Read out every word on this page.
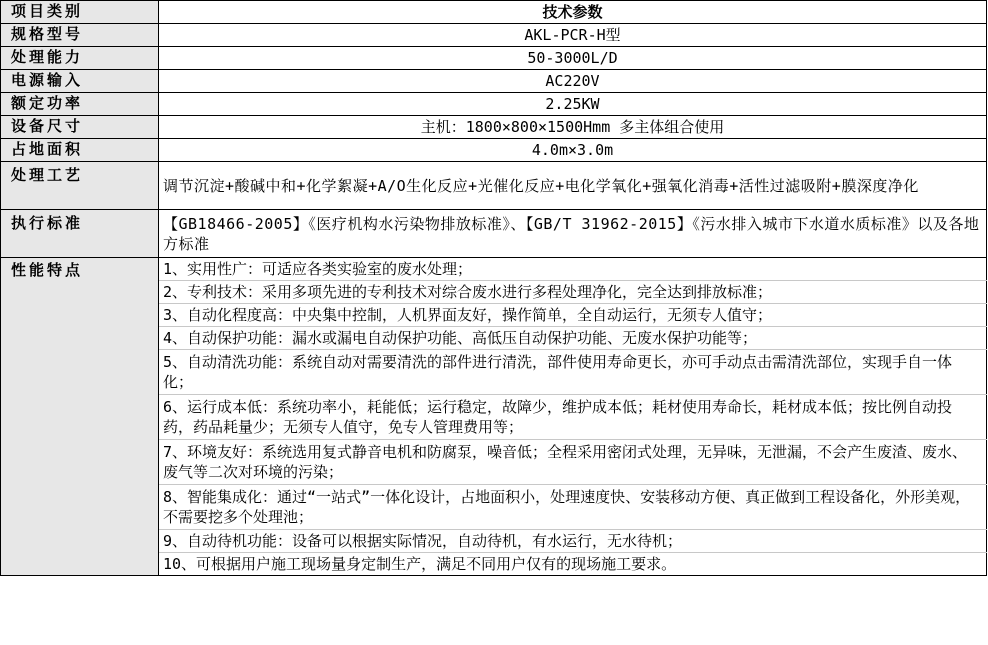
项目类别	技术参数
规格型号	AKL-PCR-H型
处理能力	50-3000L/D
电源输入	AC220V
额定功率	2.25KW
设备尺寸	主机：1800×800×1500Hmm 多主体组合使用
占地面积	4.0m×3.0m
处理工艺	调节沉淀+酸碱中和+化学絮凝+A/O生化反应+光催化反应+电化学氧化+强氧化消毒+活性过滤吸附+膜深度净化
执行标准	【GB18466-2005】《医疗机构水污染物排放标准》、【GB/T 31962-2015】《污水排入城市下水道水质标准》以及各地方标准
性能特点	1、实用性广：可适应各类实验室的废水处理；
	2、专利技术：采用多项先进的专利技术对综合废水进行多程处理净化，完全达到排放标准；
	3、自动化程度高：中央集中控制，人机界面友好，操作简单，全自动运行，无须专人值守；
	4、自动保护功能：漏水或漏电自动保护功能、高低压自动保护功能、无废水保护功能等；
	5、自动清洗功能：系统自动对需要清洗的部件进行清洗，部件使用寿命更长，亦可手动点击需清洗部位，实现手自一体化；
	6、运行成本低：系统功率小，耗能低；运行稳定，故障少，维护成本低；耗材使用寿命长，耗材成本低；按比例自动投药，药品耗量少；无须专人值守，免专人管理费用等；
	7、环境友好：系统选用复式静音电机和防腐泵，噪音低；全程采用密闭式处理，无异味，无泄漏，不会产生废渣、废水、废气等二次对环境的污染；
	8、智能集成化：通过“一站式”一体化设计，占地面积小，处理速度快、安装移动方便、真正做到工程设备化，外形美观，不需要挖多个处理池；
	9、自动待机功能：设备可以根据实际情况，自动待机，有水运行，无水待机；
	10、可根据用户施工现场量身定制生产，满足不同用户仅有的现场施工要求。
